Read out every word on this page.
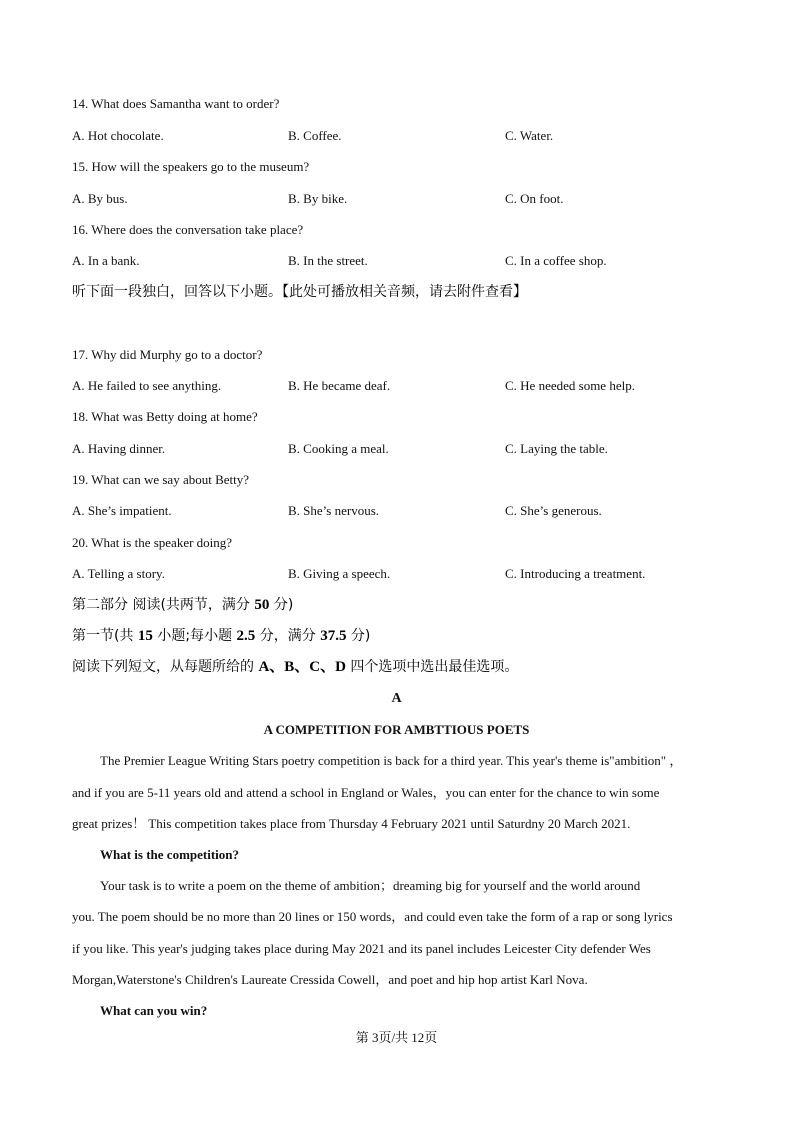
14. What does Samantha want to order?
A. Hot chocolate.	B. Coffee.	C. Water.
15. How will the speakers go to the museum?
A. By bus.	B. By bike.	C. On foot.
16. Where does the conversation take place?
A. In a bank.	B. In the street.	C. In a coffee shop.
听下面一段独白，回答以下小题。【此处可播放相关音频，请去附件查看】
17. Why did Murphy go to a doctor?
A. He failed to see anything.	B. He became deaf.	C. He needed some help.
18. What was Betty doing at home?
A. Having dinner.	B. Cooking a meal.	C. Laying the table.
19. What can we say about Betty?
A. She’s impatient.	B. She’s nervous.	C. She’s generous.
20. What is the speaker doing?
A. Telling a story.	B. Giving a speech.	C. Introducing a treatment.
第二部分 阅读(共两节，满分 50 分)
第一节(共 15 小题;每小题 2.5 分，满分 37.5 分)
阅读下列短文，从每题所给的 A、B、C、D 四个选项中选出最佳选项。
A
A COMPETITION FOR AMBTTIOUS POETS
The Premier League Writing Stars poetry competition is back for a third year. This year's theme is"ambition" ，
and if you are 5-11 years old and attend a school in England or Wales，you can enter for the chance to win some
great prizes！ This competition takes place from Thursday 4 February 2021 until Saturdny 20 March 2021.
What is the competition?
Your task is to write a poem on the theme of ambition；dreaming big for yourself and the world around
you. The poem should be no more than 20 lines or 150 words，and could even take the form of a rap or song lyrics
if you like. This year's judging takes place during May 2021 and its panel includes Leicester City defender Wes
Morgan,Waterstone's Children's Laureate Cressida Cowell，and poet and hip hop artist Karl Nova.
What can you win?
第 3页/共 12页
